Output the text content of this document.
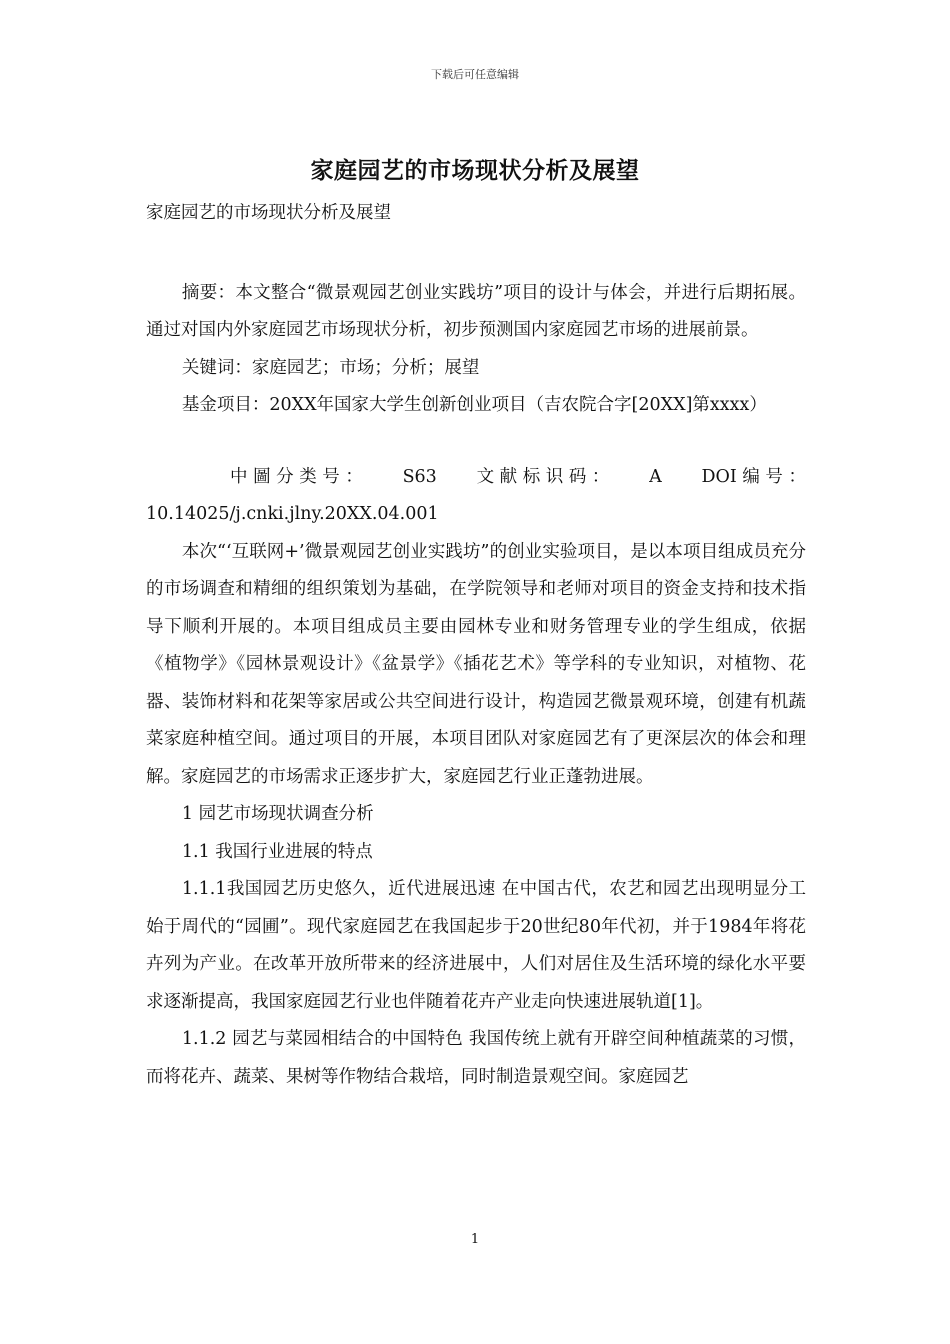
下载后可任意编辑
家庭园艺的市场现状分析及展望

家庭园艺的市场现状分析及展望

摘要：本文整合“微景观园艺创业实践坊”项目的设计与体会，并进行后期拓展。通过对国内外家庭园艺市场现状分析，初步预测国内家庭园艺市场的进展前景。

关键词：家庭园艺；市场；分析；展望

基金项目：20XX年国家大学生创新创业项目（吉农院合字[20XX]第xxxx）

中 圖 分 类 号 ： S63 文 献 标 识 码 ： A DOI 编 号 ：

10.14025/j.cnki.jlny.20XX.04.001

本次“‘互联网+’微景观园艺创业实践坊”的创业实验项目，是以本项目组成员充分的市场调查和精细的组织策划为基础，在学院领导和老师对项目的资金支持和技术指导下顺利开展的。本项目组成员主要由园林专业和财务管理专业的学生组成，依据《植物学》《园林景观设计》《盆景学》《插花艺术》等学科的专业知识，对植物、花器、装饰材料和花架等家居或公共空间进行设计，构造园艺微景观环境，创建有机蔬菜家庭种植空间。通过项目的开展，本项目团队对家庭园艺有了更深层次的体会和理解。家庭园艺的市场需求正逐步扩大，家庭园艺行业正蓬勃进展。

1 园艺市场现状调查分析

1.1 我国行业进展的特点

1.1.1我国园艺历史悠久，近代进展迅速 在中国古代，农艺和园艺出现明显分工始于周代的“园圃”。现代家庭园艺在我国起步于20世纪80年代初，并于1984年将花卉列为产业。在改革开放所带来的经济进展中，人们对居住及生活环境的绿化水平要求逐渐提高，我国家庭园艺行业也伴随着花卉产业走向快速进展轨道[1]。

1.1.2 园艺与菜园相结合的中国特色 我国传统上就有开辟空间种植蔬菜的习惯，而将花卉、蔬菜、果树等作物结合栽培，同时制造景观空间。家庭园艺

1
